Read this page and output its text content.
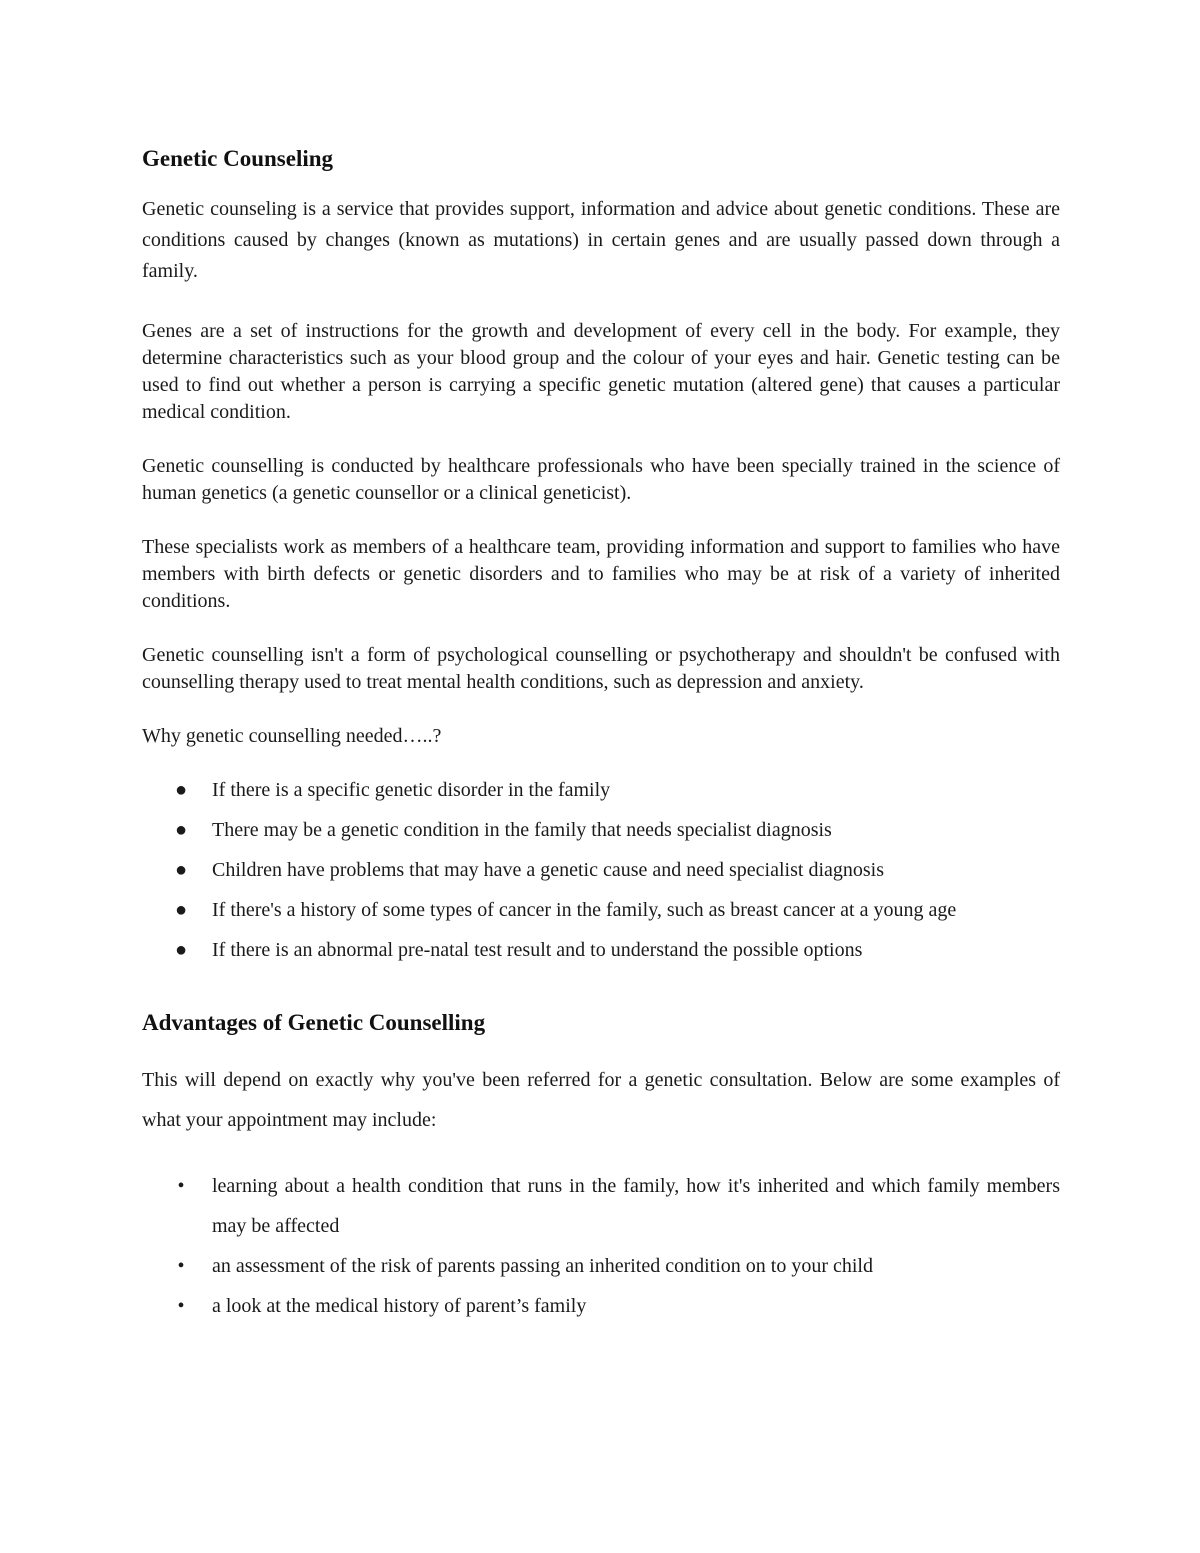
Genetic Counseling

Genetic counseling is a service that provides support, information and advice about genetic conditions. These are conditions caused by changes (known as mutations) in certain genes and are usually passed down through a family.

Genes are a set of instructions for the growth and development of every cell in the body. For example, they determine characteristics such as your blood group and the colour of your eyes and hair. Genetic testing can be used to find out whether a person is carrying a specific genetic mutation (altered gene) that causes a particular medical condition.

Genetic counselling is conducted by healthcare professionals who have been specially trained in the science of human genetics (a genetic counsellor or a clinical geneticist).

These specialists work as members of a healthcare team, providing information and support to families who have members with birth defects or genetic disorders and to families who may be at risk of a variety of inherited conditions.

Genetic counselling isn't a form of psychological counselling or psychotherapy and shouldn't be confused with counselling therapy used to treat mental health conditions, such as depression and anxiety.

Why genetic counselling needed…..?

● If there is a specific genetic disorder in the family
● There may be a genetic condition in the family that needs specialist diagnosis
● Children have problems that may have a genetic cause and need specialist diagnosis
● If there's a history of some types of cancer in the family, such as breast cancer at a young age
● If there is an abnormal pre-natal test result and to understand the possible options
Advantages of Genetic Counselling

This will depend on exactly why you've been referred for a genetic consultation. Below are some examples of what your appointment may include:

• learning about a health condition that runs in the family, how it's inherited and which family members may be affected
• an assessment of the risk of parents passing an inherited condition on to your child
• a look at the medical history of parent’s family
